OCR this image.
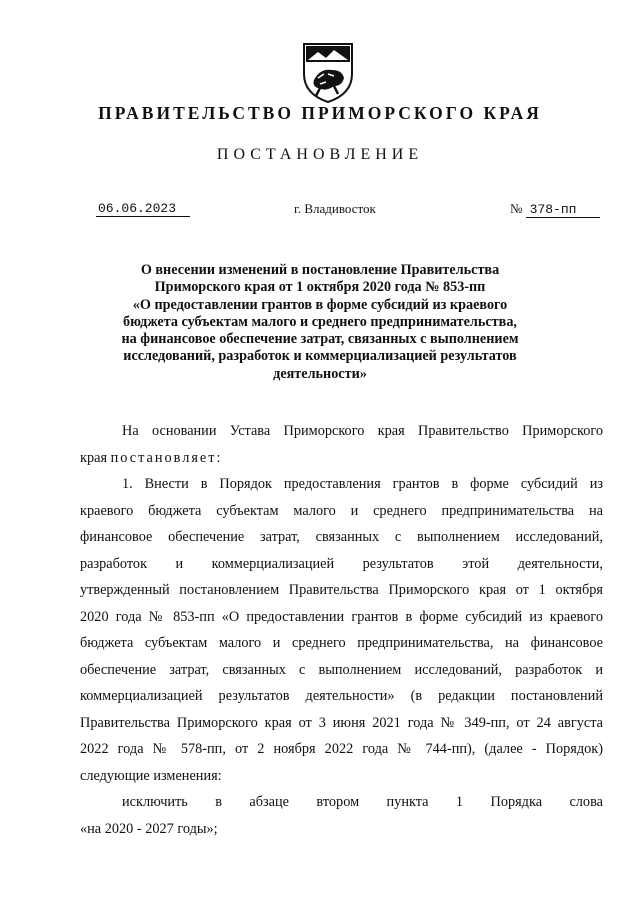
ПРАВИТЕЛЬСТВО ПРИМОРСКОГО КРАЯ
ПОСТАНОВЛЕНИЕ
06.06.2023	г. Владивосток	№ 378-пп
О внесении изменений в постановление Правительства
Приморского края от 1 октября 2020 года № 853-пп
«О предоставлении грантов в форме субсидий из краевого
бюджета субъектам малого и среднего предпринимательства,
на финансовое обеспечение затрат, связанных с выполнением
исследований, разработок и коммерциализацией результатов
деятельности»
На основании Устава Приморского края Правительство Приморского
края постановляет:
1. Внести в Порядок предоставления грантов в форме субсидий из
краевого бюджета субъектам малого и среднего предпринимательства на
финансовое обеспечение затрат, связанных с выполнением исследований,
разработок и коммерциализацией результатов этой деятельности,
утвержденный постановлением Правительства Приморского края от 1 октября
2020 года № 853-пп «О предоставлении грантов в форме субсидий из краевого
бюджета субъектам малого и среднего предпринимательства, на финансовое
обеспечение затрат, связанных с выполнением исследований, разработок и
коммерциализацией результатов деятельности» (в редакции постановлений
Правительства Приморского края от 3 июня 2021 года № 349-пп, от 24 августа
2022 года № 578-пп, от 2 ноября 2022 года № 744-пп), (далее - Порядок)
следующие изменения:
исключить в абзаце втором пункта 1 Порядка слова
«на 2020 - 2027 годы»;
